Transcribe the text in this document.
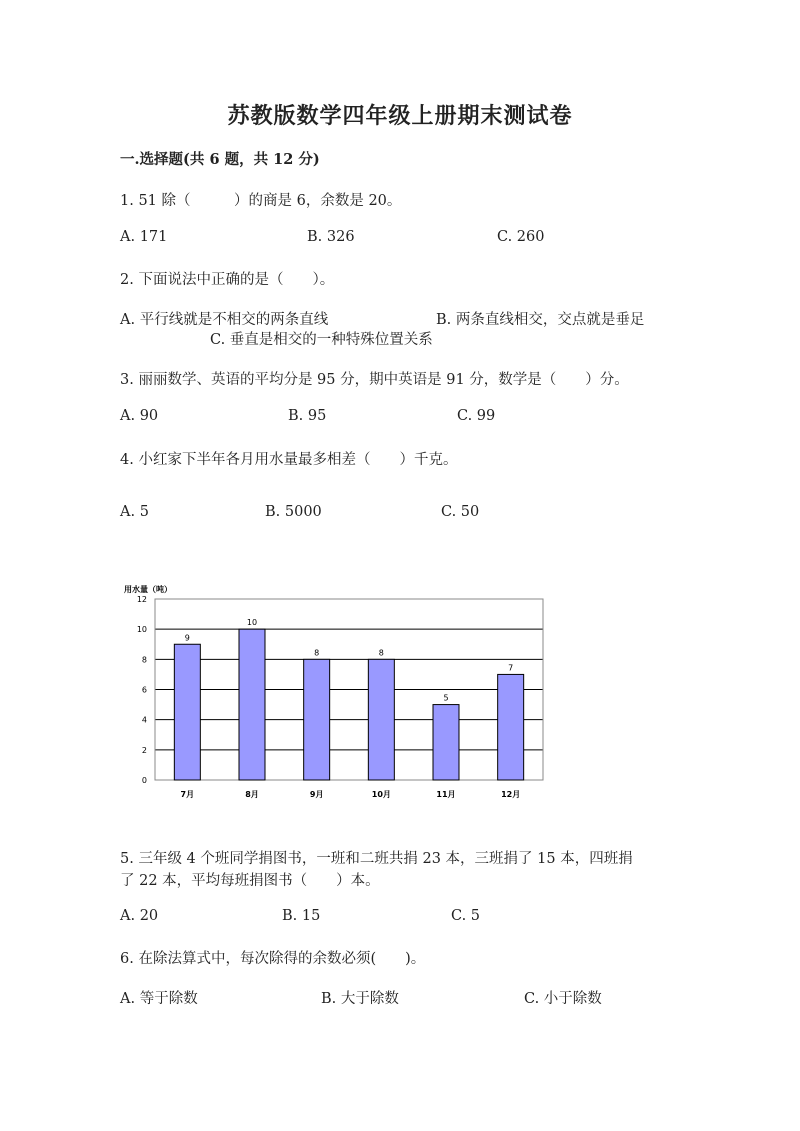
苏教版数学四年级上册期末测试卷
一.选择题(共 6 题，共 12 分)
1. 51 除（　　　）的商是 6，余数是 20。
A. 171	B. 326	C. 260
2. 下面说法中正确的是（　　）。
A. 平行线就是不相交的两条直线	B. 两条直线相交，交点就是垂足
C. 垂直是相交的一种特殊位置关系
3. 丽丽数学、英语的平均分是 95 分，期中英语是 91 分，数学是（　　）分。
A. 90	B. 95	C. 99
4. 小红家下半年各月用水量最多相差（　　）千克。
A. 5	B. 5000	C. 50
用水量（吨）
0
2
4
6
8
10
12
9
7月
10
8月
8
9月
8
10月
5
11月
7
12月
5. 三年级 4 个班同学捐图书，一班和二班共捐 23 本，三班捐了 15 本，四班捐
了 22 本，平均每班捐图书（　　）本。
A. 20	B. 15	C. 5
6. 在除法算式中，每次除得的余数必须(　　)。
A. 等于除数	B. 大于除数	C. 小于除数
